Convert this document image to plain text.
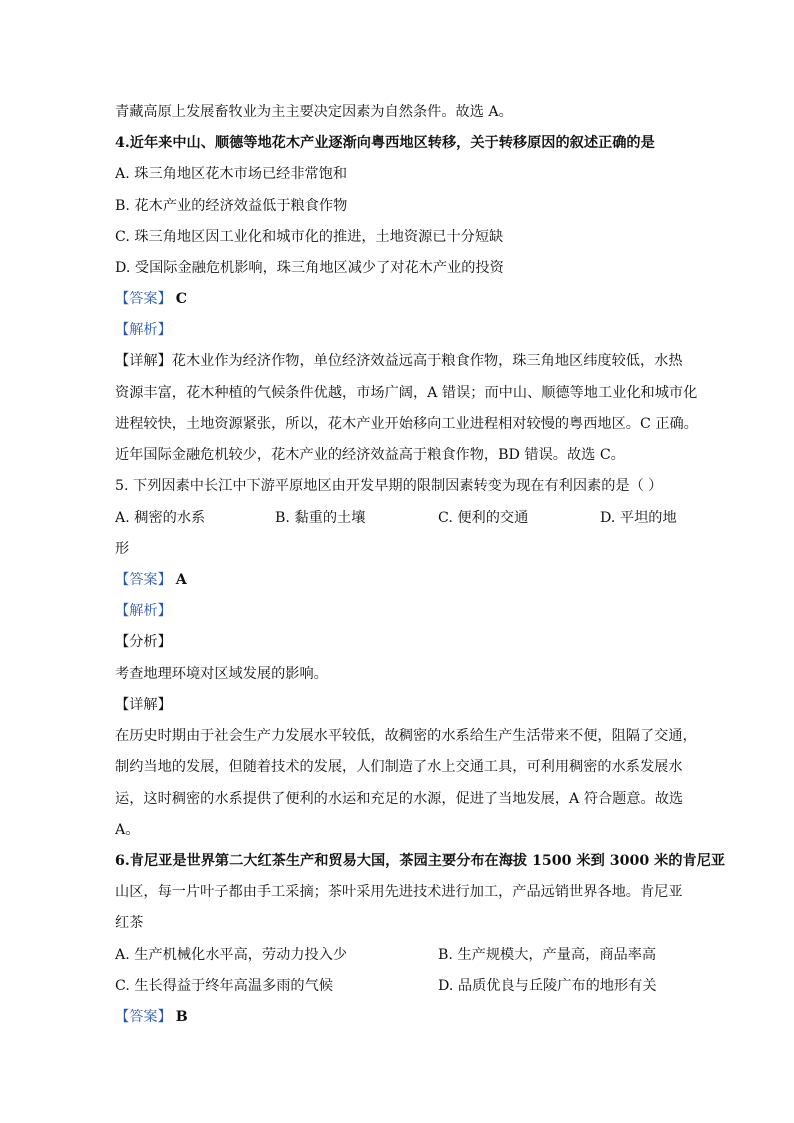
青藏高原上发展畜牧业为主主要决定因素为自然条件。故选 A。
4.近年来中山、顺德等地花木产业逐渐向粤西地区转移，关于转移原因的叙述正确的是
A. 珠三角地区花木市场已经非常饱和
B. 花木产业的经济效益低于粮食作物
C. 珠三角地区因工业化和城市化的推进，土地资源已十分短缺
D. 受国际金融危机影响，珠三角地区减少了对花木产业的投资
【答案】 C
【解析】
【详解】花木业作为经济作物，单位经济效益远高于粮食作物，珠三角地区纬度较低，水热
资源丰富，花木种植的气候条件优越，市场广阔，A 错误；而中山、顺德等地工业化和城市化
进程较快，土地资源紧张，所以，花木产业开始移向工业进程相对较慢的粤西地区。C 正确。
近年国际金融危机较少，花木产业的经济效益高于粮食作物，BD 错误。故选 C。
5. 下列因素中长江中下游平原地区由开发早期的限制因素转变为现在有利因素的是（ ）
A. 稠密的水系	B. 黏重的土壤	C. 便利的交通	D. 平坦的地
形
【答案】 A
【解析】
【分析】
考查地理环境对区域发展的影响。
【详解】
在历史时期由于社会生产力发展水平较低，故稠密的水系给生产生活带来不便，阻隔了交通，
制约当地的发展，但随着技术的发展，人们制造了水上交通工具，可利用稠密的水系发展水
运，这时稠密的水系提供了便利的水运和充足的水源，促进了当地发展，A 符合题意。故选
A。
6.肯尼亚是世界第二大红茶生产和贸易大国，茶园主要分布在海拔 1500 米到 3000 米的肯尼亚
山区，每一片叶子都由手工采摘；茶叶采用先进技术进行加工，产品远销世界各地。肯尼亚
红茶
A. 生产机械化水平高，劳动力投入少	B. 生产规模大，产量高，商品率高
C. 生长得益于终年高温多雨的气候	D. 品质优良与丘陵广布的地形有关
【答案】 B
